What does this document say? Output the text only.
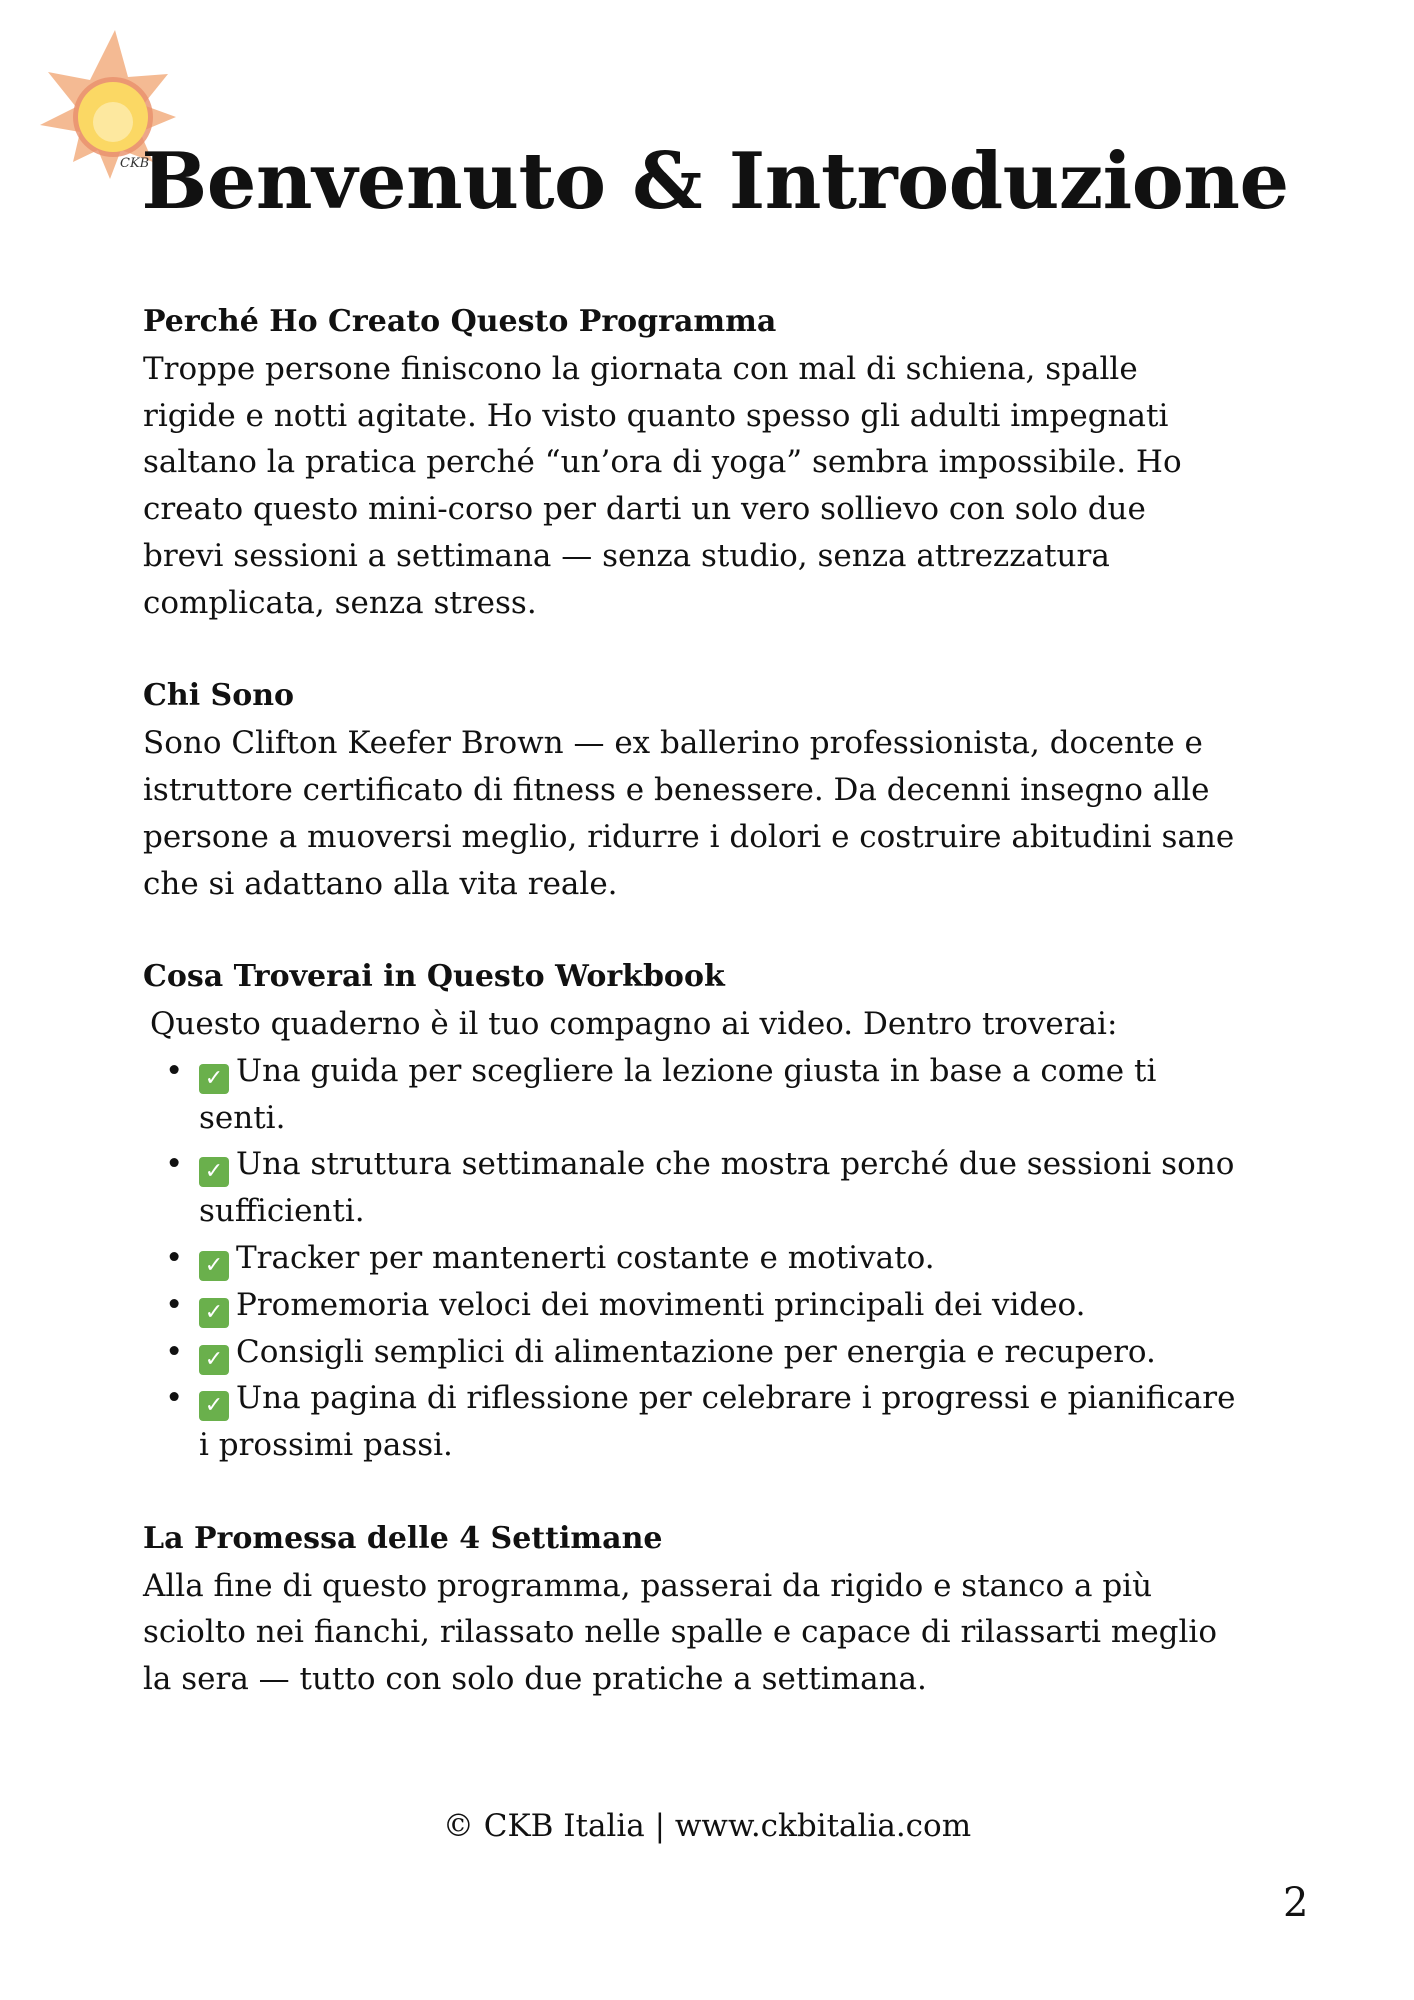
CKB
Benvenuto & Introduzione
Perché Ho Creato Questo Programma
Troppe persone finiscono la giornata con mal di schiena, spalle
rigide e notti agitate. Ho visto quanto spesso gli adulti impegnati
saltano la pratica perché “un’ora di yoga” sembra impossibile. Ho
creato questo mini-corso per darti un vero sollievo con solo due
brevi sessioni a settimana — senza studio, senza attrezzatura
complicata, senza stress.
Chi Sono
Sono Clifton Keefer Brown — ex ballerino professionista, docente e
istruttore certificato di fitness e benessere. Da decenni insegno alle
persone a muoversi meglio, ridurre i dolori e costruire abitudini sane
che si adattano alla vita reale.
Cosa Troverai in Questo Workbook
Questo quaderno è il tuo compagno ai video. Dentro troverai:
• ✓ Una guida per scegliere la lezione giusta in base a come ti
senti.
• ✓ Una struttura settimanale che mostra perché due sessioni sono
sufficienti.
• ✓ Tracker per mantenerti costante e motivato.
• ✓ Promemoria veloci dei movimenti principali dei video.
• ✓ Consigli semplici di alimentazione per energia e recupero.
• ✓ Una pagina di riflessione per celebrare i progressi e pianificare
i prossimi passi.
La Promessa delle 4 Settimane
Alla fine di questo programma, passerai da rigido e stanco a più
sciolto nei fianchi, rilassato nelle spalle e capace di rilassarti meglio
la sera — tutto con solo due pratiche a settimana.
© CKB Italia | www.ckbitalia.com
2
